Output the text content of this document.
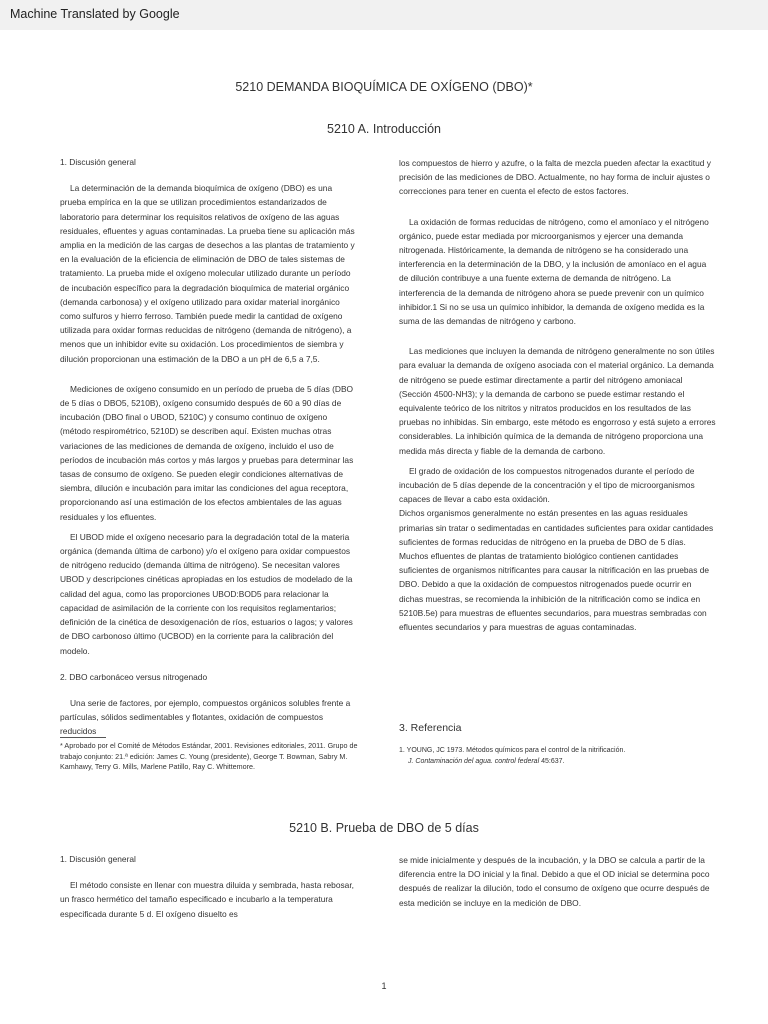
Machine Translated by Google
5210 DEMANDA BIOQUÍMICA DE OXÍGENO (DBO)*
5210 A. Introducción

1. Discusión general

La determinación de la demanda bioquímica de oxígeno (DBO) es una prueba empírica en la que se utilizan procedimientos estandarizados de laboratorio para determinar los requisitos relativos de oxígeno de las aguas residuales, efluentes y aguas contaminadas. La prueba tiene su aplicación más amplia en la medición de las cargas de desechos a las plantas de tratamiento y en la evaluación de la eficiencia de eliminación de DBO de tales sistemas de tratamiento. La prueba mide el oxígeno molecular utilizado durante un período de incubación específico para la degradación bioquímica de material orgánico (demanda carbonosa) y el oxígeno utilizado para oxidar material inorgánico como sulfuros y hierro ferroso. También puede medir la cantidad de oxígeno utilizada para oxidar formas reducidas de nitrógeno (demanda de nitrógeno), a menos que un inhibidor evite su oxidación. Los procedimientos de siembra y dilución proporcionan una estimación de la DBO a un pH de 6,5 a 7,5.

Mediciones de oxígeno consumido en un período de prueba de 5 días (DBO de 5 días o DBO5, 5210B), oxígeno consumido después de 60 a 90 días de incubación (DBO final o UBOD, 5210C) y consumo continuo de oxígeno (método respirométrico, 5210D) se describen aquí. Existen muchas otras variaciones de las mediciones de demanda de oxígeno, incluido el uso de períodos de incubación más cortos y más largos y pruebas para determinar las tasas de consumo de oxígeno. Se pueden elegir condiciones alternativas de siembra, dilución e incubación para imitar las condiciones del agua receptora, proporcionando así una estimación de los efectos ambientales de las aguas residuales y los efluentes.

El UBOD mide el oxígeno necesario para la degradación total de la materia orgánica (demanda última de carbono) y/o el oxígeno para oxidar compuestos de nitrógeno reducido (demanda última de nitrógeno). Se necesitan valores UBOD y descripciones cinéticas apropiadas en los estudios de modelado de la calidad del agua, como las proporciones UBOD:BOD5 para relacionar la capacidad de asimilación de la corriente con los requisitos reglamentarios; definición de la cinética de desoxigenación de ríos, estuarios o lagos; y valores de DBO carbonoso último (UCBOD) en la corriente para la calibración del modelo.

2. DBO carbonáceo versus nitrogenado

Una serie de factores, por ejemplo, compuestos orgánicos solubles frente a partículas, sólidos sedimentables y flotantes, oxidación de compuestos reducidos

los compuestos de hierro y azufre, o la falta de mezcla pueden afectar la exactitud y precisión de las mediciones de DBO. Actualmente, no hay forma de incluir ajustes o correcciones para tener en cuenta el efecto de estos factores.

La oxidación de formas reducidas de nitrógeno, como el amoníaco y el nitrógeno orgánico, puede estar mediada por microorganismos y ejercer una demanda nitrogenada. Históricamente, la demanda de nitrógeno se ha considerado una interferencia en la determinación de la DBO, y la inclusión de amoníaco en el agua de dilución contribuye a una fuente externa de demanda de nitrógeno. La interferencia de la demanda de nitrógeno ahora se puede prevenir con un químico inhibidor.1 Si no se usa un químico inhibidor, la demanda de oxígeno medida es la suma de las demandas de nitrógeno y carbono.

Las mediciones que incluyen la demanda de nitrógeno generalmente no son útiles para evaluar la demanda de oxígeno asociada con el material orgánico. La demanda de nitrógeno se puede estimar directamente a partir del nitrógeno amoniacal (Sección 4500-NH3); y la demanda de carbono se puede estimar restando el equivalente teórico de los nitritos y nitratos producidos en los resultados de las pruebas no inhibidas. Sin embargo, este método es engorroso y está sujeto a errores considerables. La inhibición química de la demanda de nitrógeno proporciona una medida más directa y fiable de la demanda de carbono.

El grado de oxidación de los compuestos nitrogenados durante el período de incubación de 5 días depende de la concentración y el tipo de microorganismos capaces de llevar a cabo esta oxidación.

Dichos organismos generalmente no están presentes en las aguas residuales primarias sin tratar o sedimentadas en cantidades suficientes para oxidar cantidades suficientes de formas reducidas de nitrógeno en la prueba de DBO de 5 días. Muchos efluentes de plantas de tratamiento biológico contienen cantidades suficientes de organismos nitrificantes para causar la nitrificación en las pruebas de DBO. Debido a que la oxidación de compuestos nitrogenados puede ocurrir en dichas muestras, se recomienda la inhibición de la nitrificación como se indica en 5210B.5e) para muestras de efluentes secundarios, para muestras sembradas con efluentes secundarios y para muestras de aguas contaminadas.

* Aprobado por el Comité de Métodos Estándar, 2001. Revisiones editoriales, 2011. Grupo de trabajo conjunto: 21.ª edición: James C. Young (presidente), George T. Bowman, Sabry M. Kamhawy, Terry G. Mills, Marlene Patillo, Ray C. Whittemore.
3. Referencia
1. YOUNG, JC 1973. Métodos químicos para el control de la nitrificación.
J. Contaminación del agua. control federal 45:637.
5210 B. Prueba de DBO de 5 días

1. Discusión general

El método consiste en llenar con muestra diluida y sembrada, hasta rebosar, un frasco hermético del tamaño especificado e incubarlo a la temperatura especificada durante 5 d. El oxígeno disuelto es

se mide inicialmente y después de la incubación, y la DBO se calcula a partir de la diferencia entre la DO inicial y la final. Debido a que el OD inicial se determina poco después de realizar la dilución, todo el consumo de oxígeno que ocurre después de esta medición se incluye en la medición de DBO.

1
